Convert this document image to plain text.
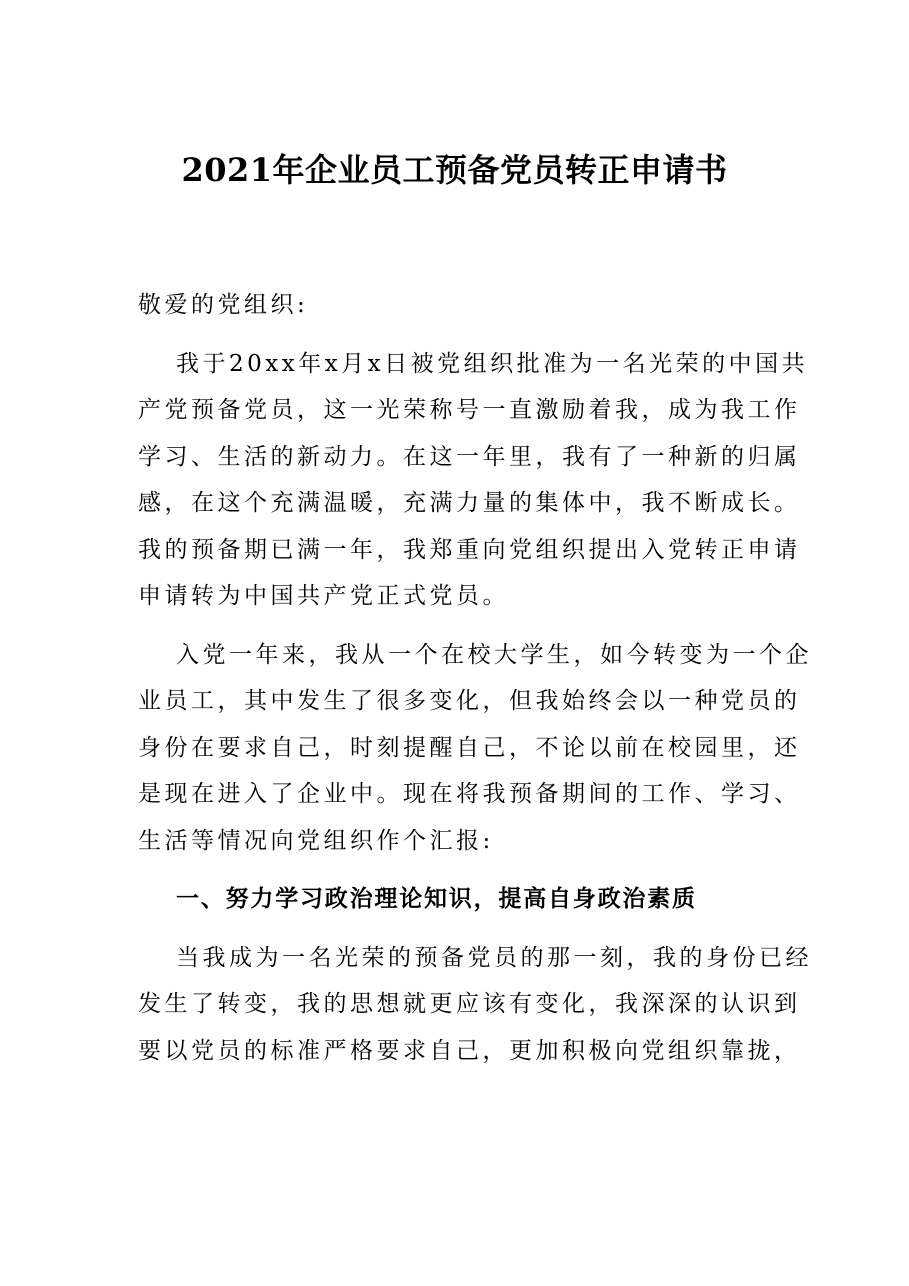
2021年企业员工预备党员转正申请书

敬爱的党组织:

我于20xx年x月x日被党组织批准为一名光荣的中国共
产党预备党员，这一光荣称号一直激励着我，成为我工作
学习、生活的新动力。在这一年里，我有了一种新的归属
感，在这个充满温暖，充满力量的集体中，我不断成长。
我的预备期已满一年，我郑重向党组织提出入党转正申请
申请转为中国共产党正式党员。

入党一年来，我从一个在校大学生，如今转变为一个企
业员工，其中发生了很多变化，但我始终会以一种党员的
身份在要求自己，时刻提醒自己，不论以前在校园里，还
是现在进入了企业中。现在将我预备期间的工作、学习、
生活等情况向党组织作个汇报:

一、努力学习政治理论知识，提高自身政治素质

当我成为一名光荣的预备党员的那一刻，我的身份已经
发生了转变，我的思想就更应该有变化，我深深的认识到
要以党员的标准严格要求自己，更加积极向党组织靠拢，
